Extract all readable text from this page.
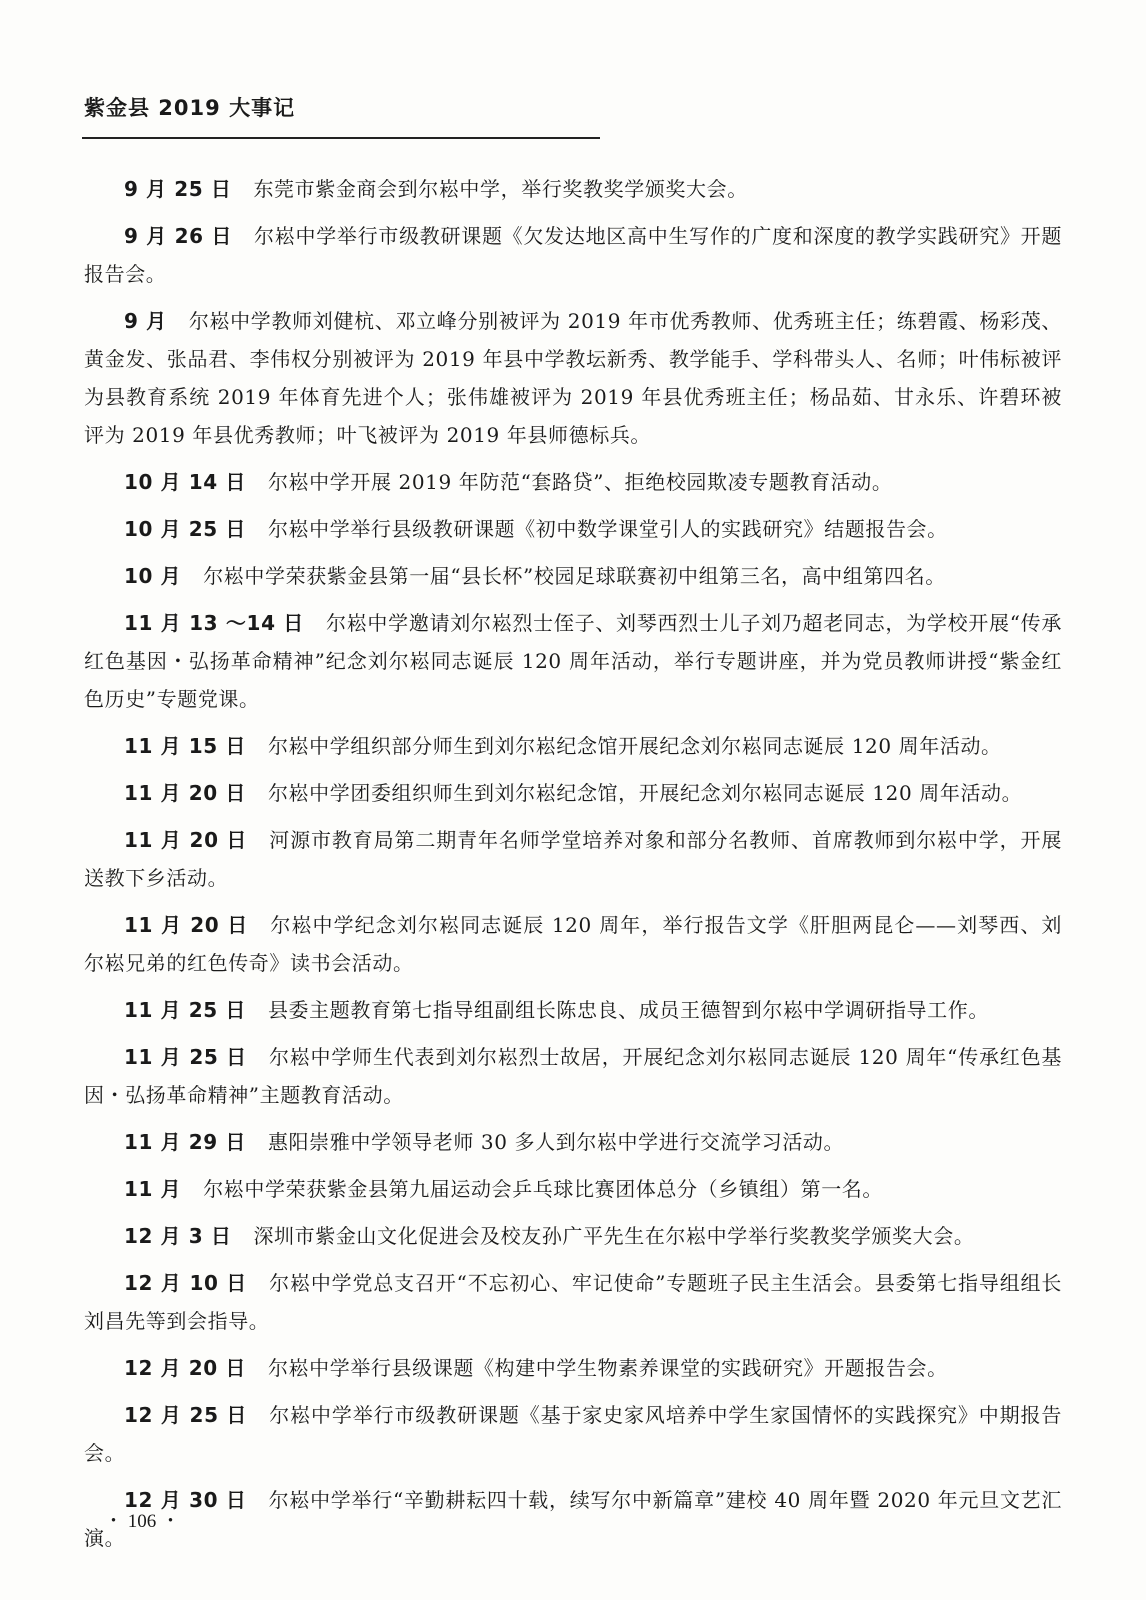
紫金县 2019 大事记

9 月 25 日 东莞市紫金商会到尔崧中学，举行奖教奖学颁奖大会。

9 月 26 日 尔崧中学举行市级教研课题《欠发达地区高中生写作的广度和深度的教学实践研究》开题报告会。

9 月 尔崧中学教师刘健杭、邓立峰分别被评为 2019 年市优秀教师、优秀班主任；练碧霞、杨彩茂、黄金发、张品君、李伟权分别被评为 2019 年县中学教坛新秀、教学能手、学科带头人、名师；叶伟标被评为县教育系统 2019 年体育先进个人；张伟雄被评为 2019 年县优秀班主任；杨品茹、甘永乐、许碧环被评为 2019 年县优秀教师；叶飞被评为 2019 年县师德标兵。

10 月 14 日 尔崧中学开展 2019 年防范“套路贷”、拒绝校园欺凌专题教育活动。

10 月 25 日 尔崧中学举行县级教研课题《初中数学课堂引人的实践研究》结题报告会。

10 月 尔崧中学荣获紫金县第一届“县长杯”校园足球联赛初中组第三名，高中组第四名。

11 月 13 ～14 日 尔崧中学邀请刘尔崧烈士侄子、刘琴西烈士儿子刘乃超老同志，为学校开展“传承红色基因・弘扬革命精神”纪念刘尔崧同志诞辰 120 周年活动，举行专题讲座，并为党员教师讲授“紫金红色历史”专题党课。

11 月 15 日 尔崧中学组织部分师生到刘尔崧纪念馆开展纪念刘尔崧同志诞辰 120 周年活动。

11 月 20 日 尔崧中学团委组织师生到刘尔崧纪念馆，开展纪念刘尔崧同志诞辰 120 周年活动。

11 月 20 日 河源市教育局第二期青年名师学堂培养对象和部分名教师、首席教师到尔崧中学，开展送教下乡活动。

11 月 20 日 尔崧中学纪念刘尔崧同志诞辰 120 周年，举行报告文学《肝胆两昆仑——刘琴西、刘尔崧兄弟的红色传奇》读书会活动。

11 月 25 日 县委主题教育第七指导组副组长陈忠良、成员王德智到尔崧中学调研指导工作。

11 月 25 日 尔崧中学师生代表到刘尔崧烈士故居，开展纪念刘尔崧同志诞辰 120 周年“传承红色基因・弘扬革命精神”主题教育活动。

11 月 29 日 惠阳崇雅中学领导老师 30 多人到尔崧中学进行交流学习活动。

11 月 尔崧中学荣获紫金县第九届运动会乒乓球比赛团体总分（乡镇组）第一名。

12 月 3 日 深圳市紫金山文化促进会及校友孙广平先生在尔崧中学举行奖教奖学颁奖大会。

12 月 10 日 尔崧中学党总支召开“不忘初心、牢记使命”专题班子民主生活会。县委第七指导组组长刘昌先等到会指导。

12 月 20 日 尔崧中学举行县级课题《构建中学生物素养课堂的实践研究》开题报告会。

12 月 25 日 尔崧中学举行市级教研课题《基于家史家风培养中学生家国情怀的实践探究》中期报告会。

12 月 30 日 尔崧中学举行“辛勤耕耘四十载，续写尔中新篇章”建校 40 周年暨 2020 年元旦文艺汇演。

・ 106 ・
